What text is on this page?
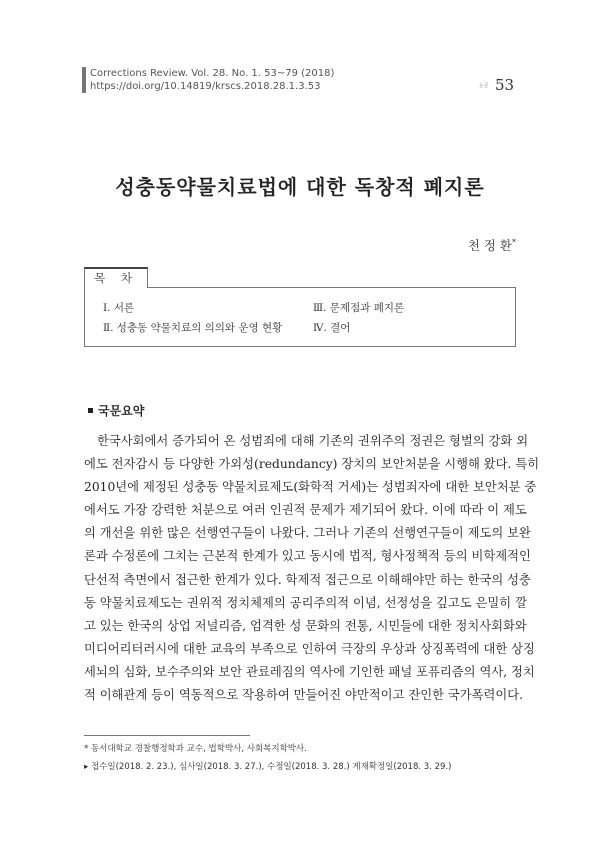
Corrections Review. Vol. 28. No. 1. 53~79 (2018)
https://doi.org/10.14819/krscs.2018.28.1.3.53	논문 53
성충동약물치료법에 대한 독창적 폐지론
천 정 환*
목 차
Ⅰ. 서론
Ⅱ. 성충동 약물치료의 의의와 운영 현황
Ⅲ. 문제점과 폐지론
Ⅳ. 결어
국문요약
한국사회에서 증가되어 온 성범죄에 대해 기존의 권위주의 정권은 형벌의 강화 외
에도 전자감시 등 다양한 가외성(redundancy) 장치의 보안처분을 시행해 왔다. 특히
2010년에 제정된 성충동 약물치료제도(화학적 거세)는 성범죄자에 대한 보안처분 중
에서도 가장 강력한 처분으로 여러 인권적 문제가 제기되어 왔다. 이에 따라 이 제도
의 개선을 위한 많은 선행연구들이 나왔다. 그러나 기존의 선행연구들이 제도의 보완
론과 수정론에 그치는 근본적 한계가 있고 동시에 법적, 형사정책적 등의 비학제적인
단선적 측면에서 접근한 한계가 있다. 학제적 접근으로 이해해야만 하는 한국의 성충
동 약물치료제도는 권위적 정치체제의 공리주의적 이념, 선정성을 깊고도 은밀히 깔
고 있는 한국의 상업 저널리즘, 엄격한 성 문화의 전통, 시민들에 대한 정치사회화와
미디어리터러시에 대한 교육의 부족으로 인하여 극장의 우상과 상징폭력에 대한 상징
세뇌의 심화, 보수주의와 보안 관료레짐의 역사에 기인한 패널 포퓨리즘의 역사, 정치
적 이해관계 등이 역동적으로 작용하여 만들어진 야만적이고 잔인한 국가폭력이다.
* 동서대학교 경찰행정학과 교수, 법학박사, 사회복지학박사.
▸ 접수일(2018. 2. 23.), 심사일(2018. 3. 27.), 수정일(2018. 3. 28.) 게재확정일(2018. 3. 29.)
